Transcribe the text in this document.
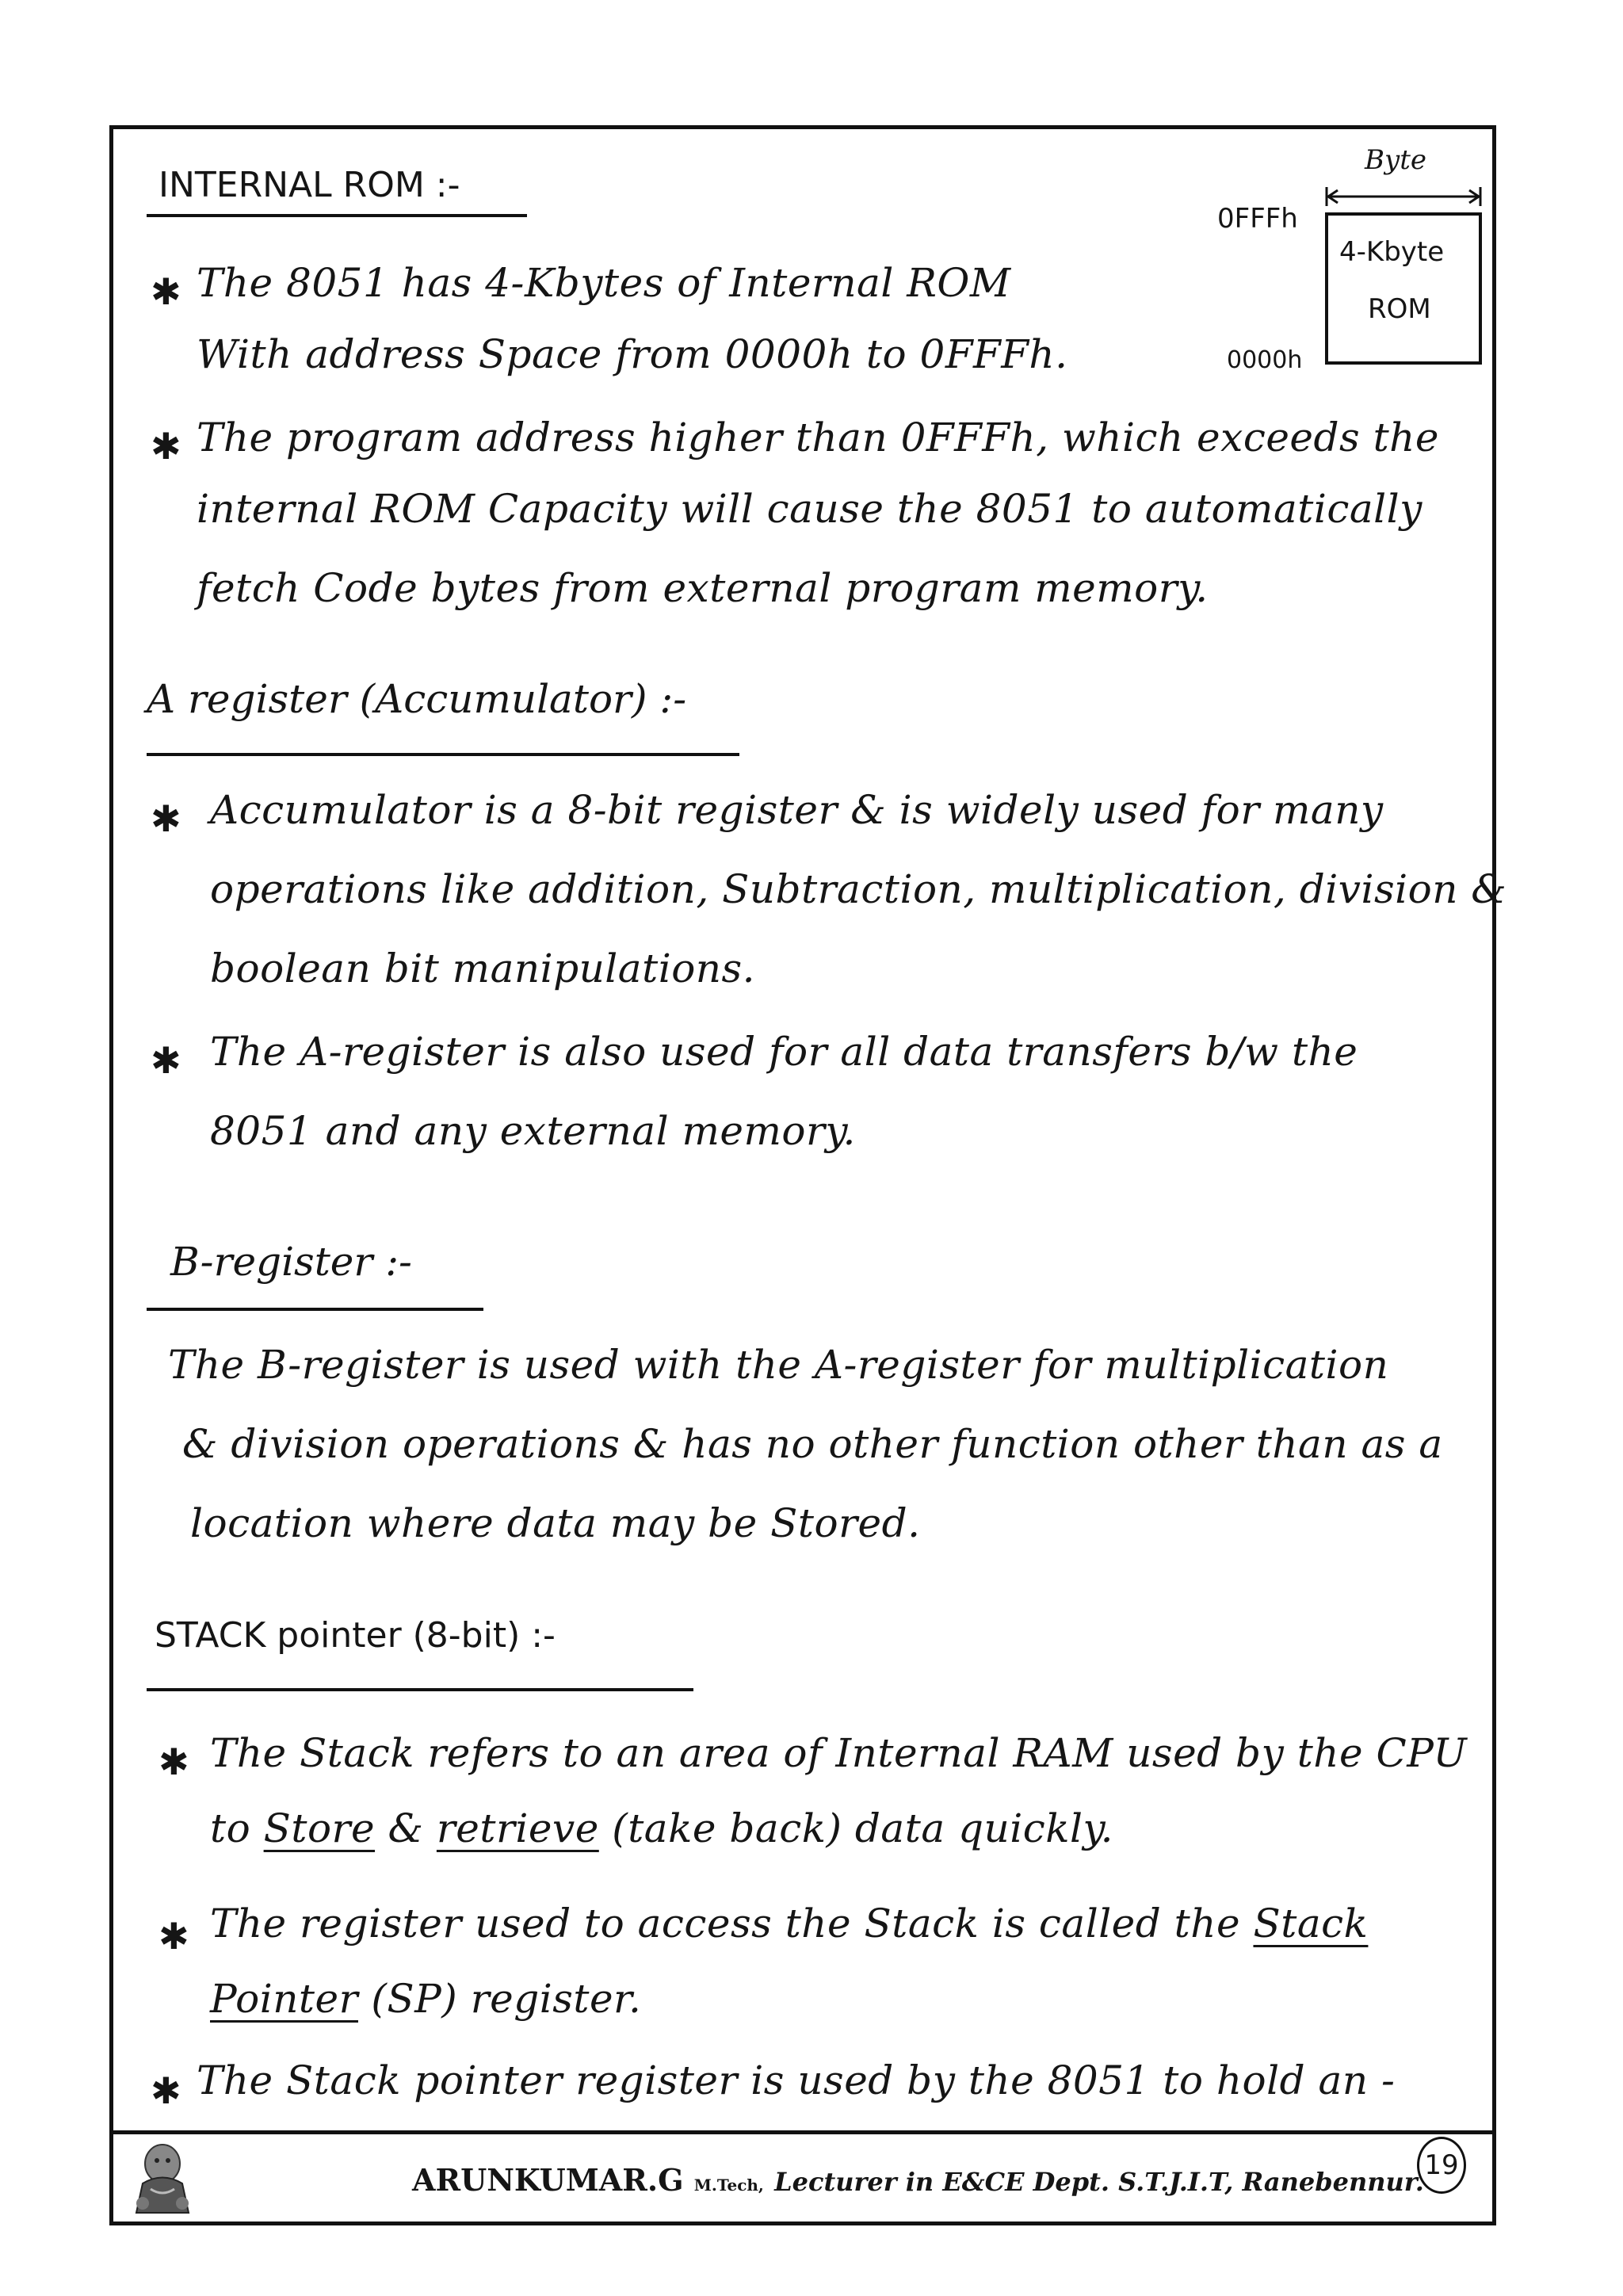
INTERNAL ROM :-
Byte
0FFFh
4-Kbyte
ROM
0000h
✱ The 8051 has 4-Kbytes of Internal ROM
With address Space from 0000h to 0FFFh.
✱ The program address higher than 0FFFh, which exceeds the
internal ROM Capacity will cause the 8051 to automatically
fetch Code bytes from external program memory.
A register (Accumulator) :-
✱ Accumulator is a 8-bit register & is widely used for many
operations like addition, Subtraction, multiplication, division &
boolean bit manipulations.
✱ The A-register is also used for all data transfers b/w the
8051 and any external memory.
B-register :-
The B-register is used with the A-register for multiplication
& division operations & has no other function other than as a
location where data may be Stored.
STACK pointer (8-bit) :-
✱ The Stack refers to an area of Internal RAM used by the CPU
to Store & retrieve (take back) data quickly.
✱ The register used to access the Stack is called the Stack
Pointer (SP) register.
✱ The Stack pointer register is used by the 8051 to hold an -
ARUNKUMAR.G M.Tech, Lecturer in E&CE Dept. S.T.J.I.T, Ranebennur.
19
